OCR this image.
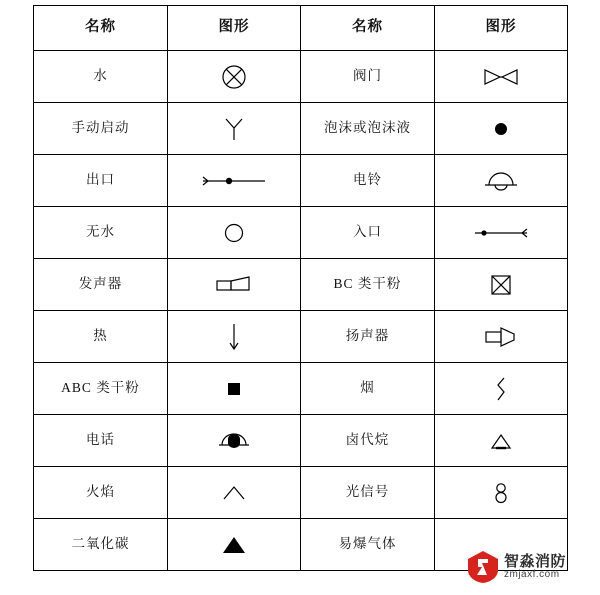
名称	图形	名称	图形
水		阀门	
手动启动		泡沫或泡沫液	
出口		电铃	
无水		入口	
发声器		BC 类干粉	
热		扬声器	
ABC 类干粉		烟	
电话		卤代烷	
火焰		光信号	
二氧化碳		易爆气体	
智淼消防
zmjaxf.com
